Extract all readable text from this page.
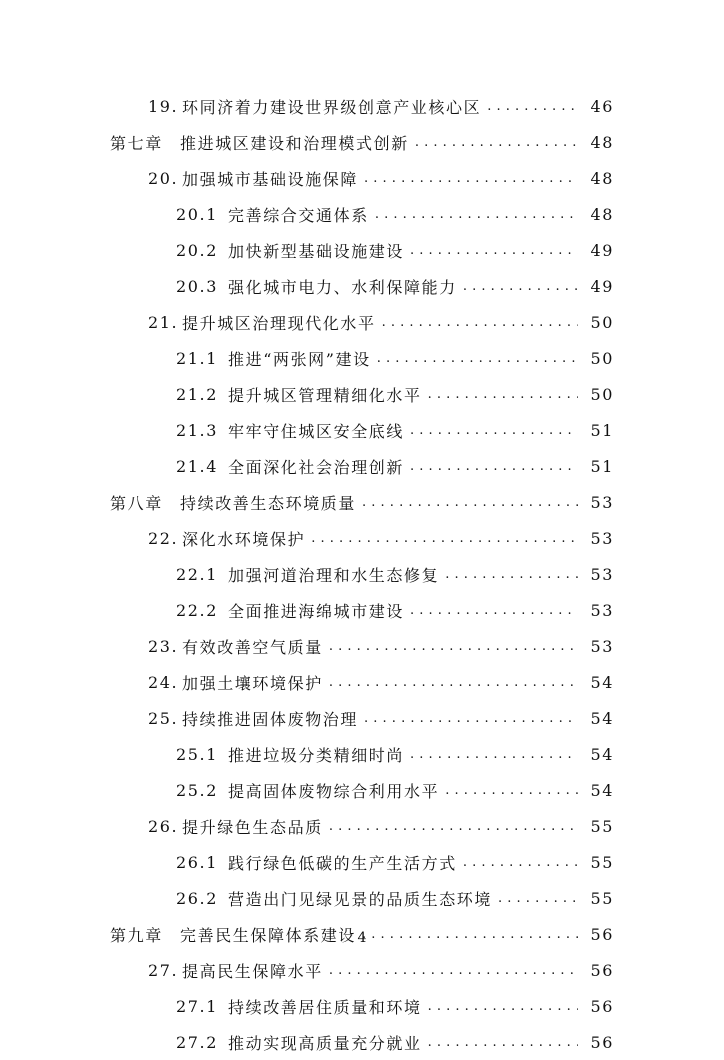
19. 环同济着力建设世界级创意产业核心区 . . .	46
第七章	推进城区建设和治理模式创新 . . .	48
20. 加强城市基础设施保障 . . .	48
20.1 完善综合交通体系 . . .	48
20.2 加快新型基础设施建设 . . .	49
20.3 强化城市电力、水利保障能力 . . .	49
21. 提升城区治理现代化水平 . . .	50
21.1 推进“两张网”建设 . . .	50
21.2 提升城区管理精细化水平 . . .	50
21.3 牢牢守住城区安全底线 . . .	51
21.4 全面深化社会治理创新 . . .	51
第八章	持续改善生态环境质量 . . .	53
22. 深化水环境保护 . . .	53
22.1 加强河道治理和水生态修复 . . .	53
22.2 全面推进海绵城市建设 . . .	53
23. 有效改善空气质量 . . .	53
24. 加强土壤环境保护 . . .	54
25. 持续推进固体废物治理 . . .	54
25.1 推进垃圾分类精细时尚 . . .	54
25.2 提高固体废物综合利用水平 . . .	54
26. 提升绿色生态品质 . . .	55
26.1 践行绿色低碳的生产生活方式 . . .	55
26.2 营造出门见绿见景的品质生态环境 . . .	55
第九章	完善民生保障体系建设 . . .	56
27. 提高民生保障水平 . . .	56
27.1 持续改善居住质量和环境 . . .	56
27.2 推动实现高质量充分就业 . . .	56
4
